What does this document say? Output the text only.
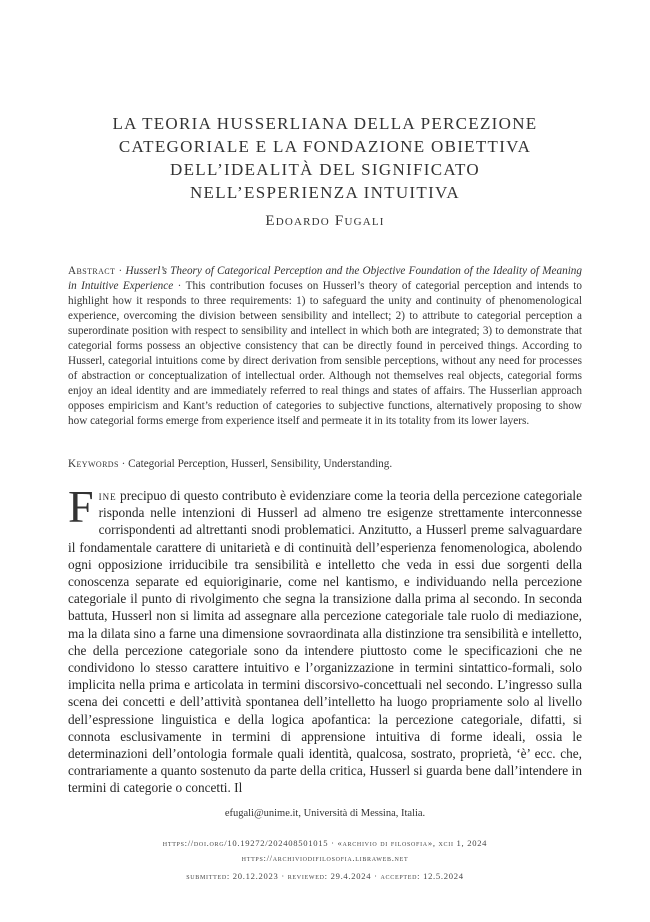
LA TEORIA HUSSERLIANA DELLA PERCEZIONE
CATEGORIALE E LA FONDAZIONE OBIETTIVA
DELL’IDEALITÀ DEL SIGNIFICATO
NELL’ESPERIENZA INTUITIVA
Edoardo Fugali
Abstract · Husserl’s Theory of Categorical Perception and the Objective Foundation of the Ideality of Meaning in Intuitive Experience · This contribution focuses on Husserl’s theory of categorial perception and intends to highlight how it responds to three requirements: 1) to safeguard the unity and continuity of phenomenological experience, overcoming the division between sensibility and intellect; 2) to attribute to categorial perception a superordinate position with respect to sensibility and intellect in which both are integrated; 3) to demonstrate that categorial forms possess an objective consistency that can be directly found in perceived things. According to Husserl, categorial intuitions come by direct derivation from sensible perceptions, without any need for processes of abstraction or conceptualization of intellectual order. Although not themselves real objects, categorial forms enjoy an ideal identity and are immediately referred to real things and states of affairs. The Husserlian approach opposes empiricism and Kant’s reduction of categories to subjective functions, alternatively proposing to show how categorial forms emerge from experience itself and permeate it in its totality from its lower layers.
Keywords · Categorial Perception, Husserl, Sensibility, Understanding.
Fine precipuo di questo contributo è evidenziare come la teoria della percezione categoriale risponda nelle intenzioni di Husserl ad almeno tre esigenze strettamente interconnesse corrispondenti ad altrettanti snodi problematici. Anzitutto, a Husserl preme salvaguardare il fondamentale carattere di unitarietà e di continuità dell’esperienza fenomenologica, abolendo ogni opposizione irriducibile tra sensibilità e intelletto che veda in essi due sorgenti della conoscenza separate ed equioriginarie, come nel kantismo, e individuando nella percezione categoriale il punto di rivolgimento che segna la transizione dalla prima al secondo. In seconda battuta, Husserl non si limita ad assegnare alla percezione categoriale tale ruolo di mediazione, ma la dilata sino a farne una dimensione sovraordinata alla distinzione tra sensibilità e intelletto, che della percezione categoriale sono da intendere piuttosto come le specificazioni che ne condividono lo stesso carattere intuitivo e l’organizzazione in termini sintattico-formali, solo implicita nella prima e articolata in termini discorsivo-concettuali nel secondo. L’ingresso sulla scena dei concetti e dell’attività spontanea dell’intelletto ha luogo propriamente solo al livello dell’espressione linguistica e della logica apofantica: la percezione categoriale, difatti, si connota esclusivamente in termini di apprensione intuitiva di forme ideali, ossia le determinazioni dell’ontologia formale quali identità, qualcosa, sostrato, proprietà, ‘è’ ecc. che, contrariamente a quanto sostenuto da parte della critica, Husserl si guarda bene dall’intendere in termini di categorie o concetti. Il
efugali@unime.it, Università di Messina, Italia.
https://doi.org/10.19272/202408501015 · «archivio di filosofia», xcii 1, 2024
https://archiviodifilosofia.libraweb.net
submitted: 20.12.2023 · reviewed: 29.4.2024 · accepted: 12.5.2024
